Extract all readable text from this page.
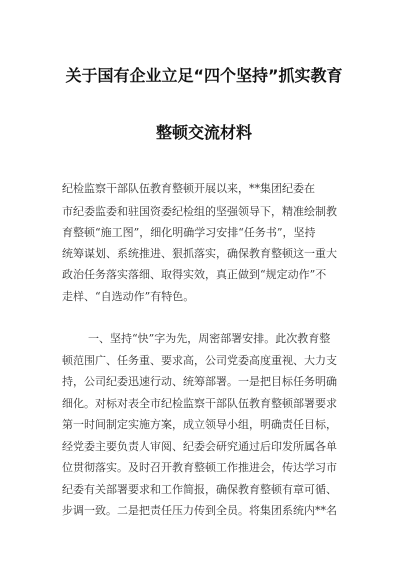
关于国有企业立足“四个坚持”抓实教育
整顿交流材料
纪检监察干部队伍教育整顿开展以来，**集团纪委在
市纪委监委和驻国资委纪检组的坚强领导下，精准绘制教
育整顿“施工图”，细化明确学习安排“任务书”，坚持
统筹谋划、系统推进、狠抓落实，确保教育整顿这一重大
政治任务落实落细、取得实效，真正做到“规定动作”不
走样、“自选动作”有特色。
一、坚持“快”字为先，周密部署安排。此次教育整
顿范围广、任务重、要求高，公司党委高度重视、大力支
持，公司纪委迅速行动、统筹部署。一是把目标任务明确
细化。对标对表全市纪检监察干部队伍教育整顿部署要求
第一时间制定实施方案，成立领导小组，明确责任目标，
经党委主要负责人审阅、纪委会研究通过后印发所属各单
位贯彻落实。及时召开教育整顿工作推进会，传达学习市
纪委有关部署要求和工作简报，确保教育整顿有章可循、
步调一致。二是把责任压力传到全员。将集团系统内**名
